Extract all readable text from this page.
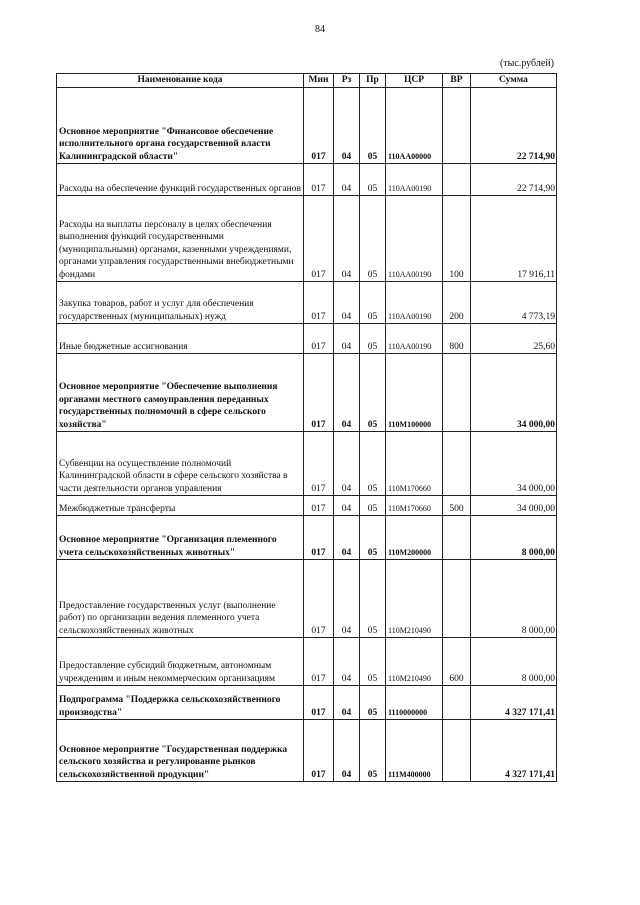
84
(тыс.рублей)
Наименование кода	Мин	Рз	Пр	ЦСР	ВР	Сумма
Основное мероприятие "Финансовое обеспечение исполнительного органа государственной власти Калининградской области"	017	04	05	110АА00000		22 714,90
Расходы на обеспечение функций государственных органов	017	04	05	110АА00190		22 714,90
Расходы на выплаты персоналу в целях обеспечения выполнения функций государственными (муниципальными) органами, казенными учреждениями, органами управления государственными внебюджетными фондами	017	04	05	110АА00190	100	17 916,11
Закупка товаров, работ и услуг для обеспечения государственных (муниципальных) нужд	017	04	05	110АА00190	200	4 773,19
Иные бюджетные ассигнования	017	04	05	110АА00190	800	25,60
Основное мероприятие "Обеспечение выполнения органами местного самоуправления переданных государственных полномочий в сфере сельского хозяйства"	017	04	05	110М100000		34 000,00
Субвенции на осуществление полномочий Калининградской области в сфере сельского хозяйства в части деятельности органов управления	017	04	05	110М170660		34 000,00
Межбюджетные трансферты	017	04	05	110М170660	500	34 000,00
Основное мероприятие "Организация племенного учета сельскохозяйственных животных"	017	04	05	110М200000		8 000,00
Предоставление государственных услуг (выполнение работ) по организации ведения племенного учета сельскохозяйственных животных	017	04	05	110М210490		8 000,00
Предоставление субсидий бюджетным, автономным учреждениям и иным некоммерческим организациям	017	04	05	110М210490	600	8 000,00
Подпрограмма "Поддержка сельскохозяйственного производства"	017	04	05	1110000000		4 327 171,41
Основное мероприятие "Государственная поддержка сельского хозяйства и регулирование рынков сельскохозяйственной продукции"	017	04	05	111М400000		4 327 171,41
